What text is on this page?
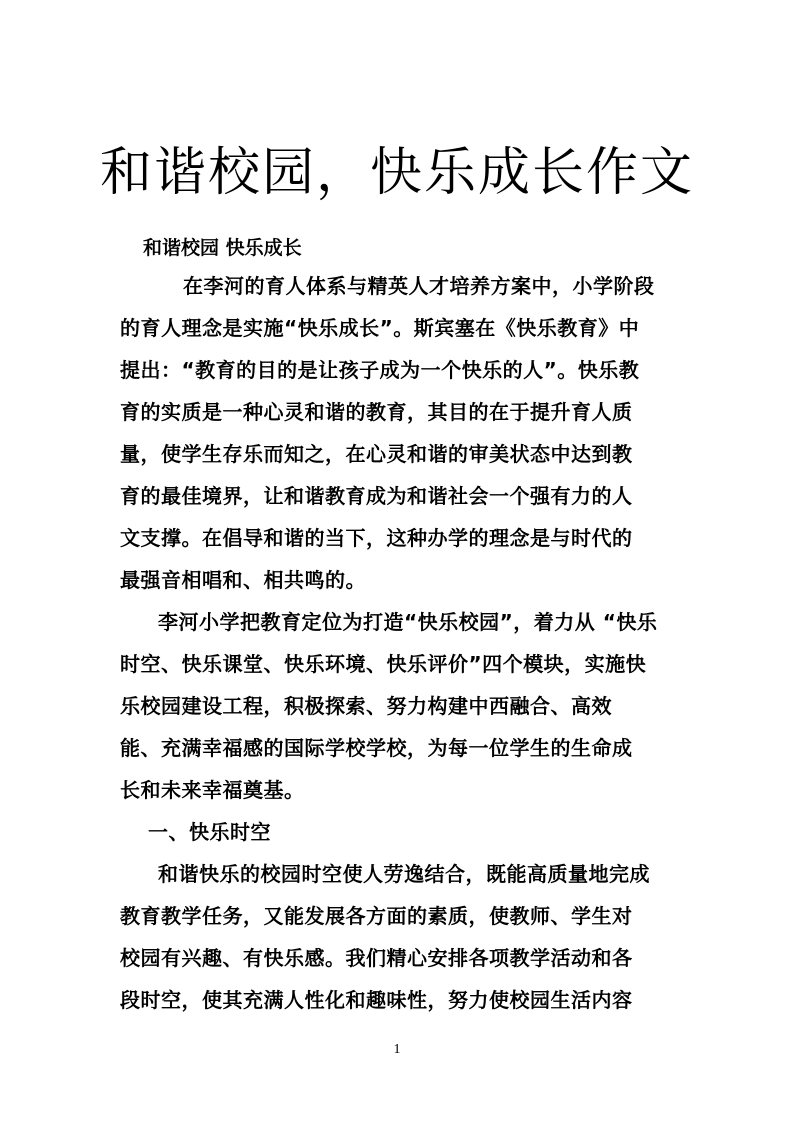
和谐校园，快乐成长作文
和谐校园 快乐成长
在李河的育人体系与精英人才培养方案中，小学阶段
的育人理念是实施“快乐成长”。斯宾塞在《快乐教育》中
提出：“教育的目的是让孩子成为一个快乐的人”。快乐教
育的实质是一种心灵和谐的教育，其目的在于提升育人质
量，使学生存乐而知之，在心灵和谐的审美状态中达到教
育的最佳境界，让和谐教育成为和谐社会一个强有力的人
文支撑。在倡导和谐的当下，这种办学的理念是与时代的
最强音相唱和、相共鸣的。
李河小学把教育定位为打造“快乐校园”，着力从 “快乐
时空、快乐课堂、快乐环境、快乐评价”四个模块，实施快
乐校园建设工程，积极探索、努力构建中西融合、高效
能、充满幸福感的国际学校学校，为每一位学生的生命成
长和未来幸福奠基。
一、快乐时空
和谐快乐的校园时空使人劳逸结合，既能高质量地完成
教育教学任务，又能发展各方面的素质，使教师、学生对
校园有兴趣、有快乐感。我们精心安排各项教学活动和各
段时空，使其充满人性化和趣味性，努力使校园生活内容
1
